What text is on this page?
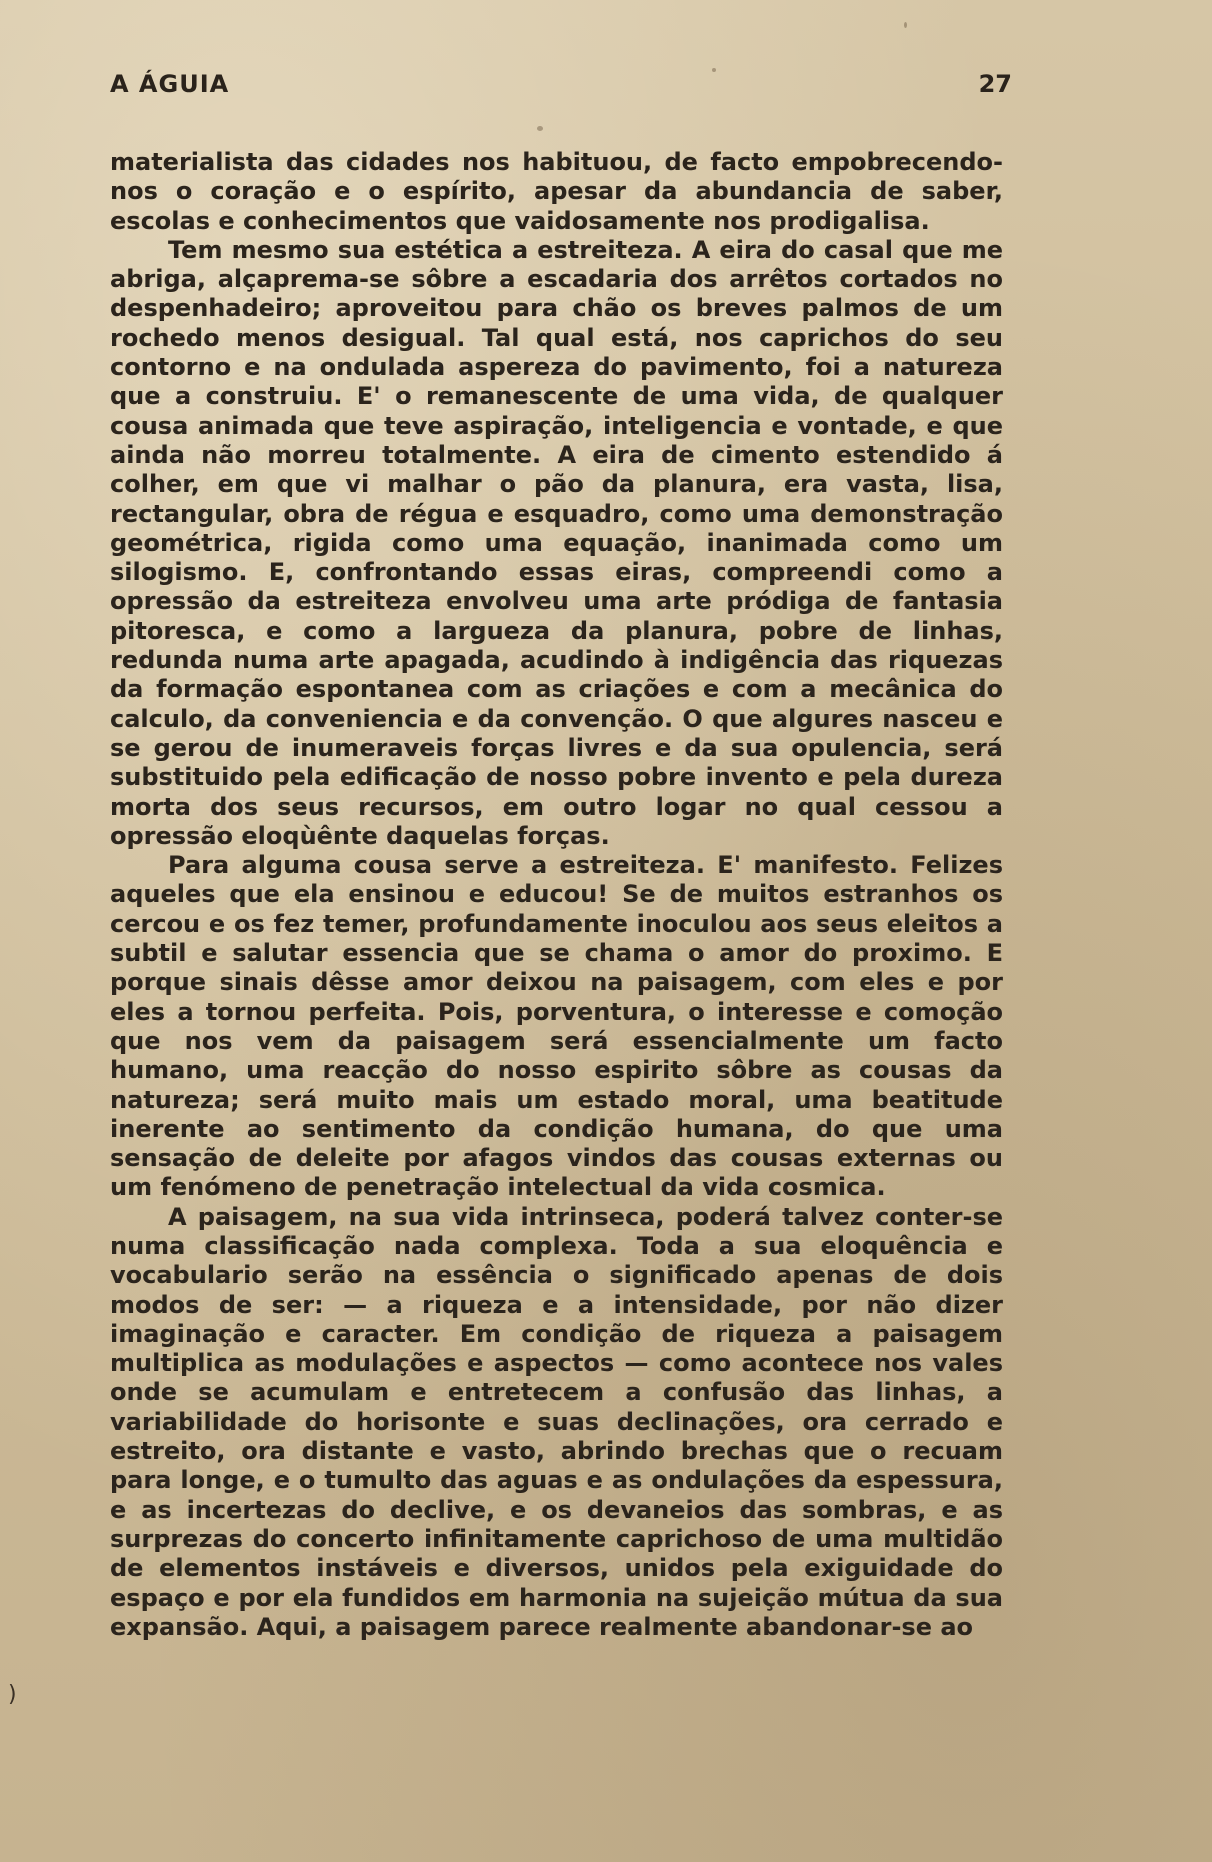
A ÁGUIA	27

materialista das cidades nos habituou, de facto empobrecendo-nos o coração e o espírito, apesar da abundancia de saber, escolas e conhecimentos que vaidosamente nos prodigalisa.

Tem mesmo sua estética a estreiteza. A eira do casal que me abriga, alçaprema-se sôbre a escadaria dos arrêtos cortados no despenhadeiro; aproveitou para chão os breves palmos de um rochedo menos desigual. Tal qual está, nos caprichos do seu contorno e na ondulada aspereza do pavimento, foi a natureza que a construiu. E' o remanescente de uma vida, de qualquer cousa animada que teve aspiração, inteligencia e vontade, e que ainda não morreu totalmente. A eira de cimento estendido á colher, em que vi malhar o pão da planura, era vasta, lisa, rectangular, obra de régua e esquadro, como uma demonstração geométrica, rigida como uma equação, inanimada como um silogismo. E, confrontando essas eiras, compreendi como a opressão da estreiteza envolveu uma arte pródiga de fantasia pitoresca, e como a largueza da planura, pobre de linhas, redunda numa arte apagada, acudindo à indigência das riquezas da formação espontanea com as criações e com a mecânica do calculo, da conveniencia e da convenção. O que algures nasceu e se gerou de inumeraveis forças livres e da sua opulencia, será substituido pela edificação de nosso pobre invento e pela dureza morta dos seus recursos, em outro logar no qual cessou a opressão eloqùênte daquelas forças.

Para alguma cousa serve a estreiteza. E' manifesto. Felizes aqueles que ela ensinou e educou! Se de muitos estranhos os cercou e os fez temer, profundamente inoculou aos seus eleitos a subtil e salutar essencia que se chama o amor do proximo. E porque sinais dêsse amor deixou na paisagem, com eles e por eles a tornou perfeita. Pois, porventura, o interesse e comoção que nos vem da paisagem será essencialmente um facto humano, uma reacção do nosso espirito sôbre as cousas da natureza; será muito mais um estado moral, uma beatitude inerente ao sentimento da condição humana, do que uma sensação de deleite por afagos vindos das cousas externas ou um fenómeno de penetração intelectual da vida cosmica.

A paisagem, na sua vida intrinseca, poderá talvez conter-se numa classificação nada complexa. Toda a sua eloquência e vocabulario serão na essência o significado apenas de dois modos de ser: — a riqueza e a intensidade, por não dizer imaginação e caracter. Em condição de riqueza a paisagem multiplica as modulações e aspectos — como acontece nos vales onde se acumulam e entretecem a confusão das linhas, a variabilidade do horisonte e suas declinações, ora cerrado e estreito, ora distante e vasto, abrindo brechas que o recuam para longe, e o tumulto das aguas e as ondulações da espessura, e as incertezas do declive, e os devaneios das sombras, e as surprezas do concerto infinitamente caprichoso de uma multidão de elementos instáveis e diversos, unidos pela exiguidade do espaço e por ela fundidos em harmonia na sujeição mútua da sua expansão. Aqui, a paisagem parece realmente abandonar-se ao

)
